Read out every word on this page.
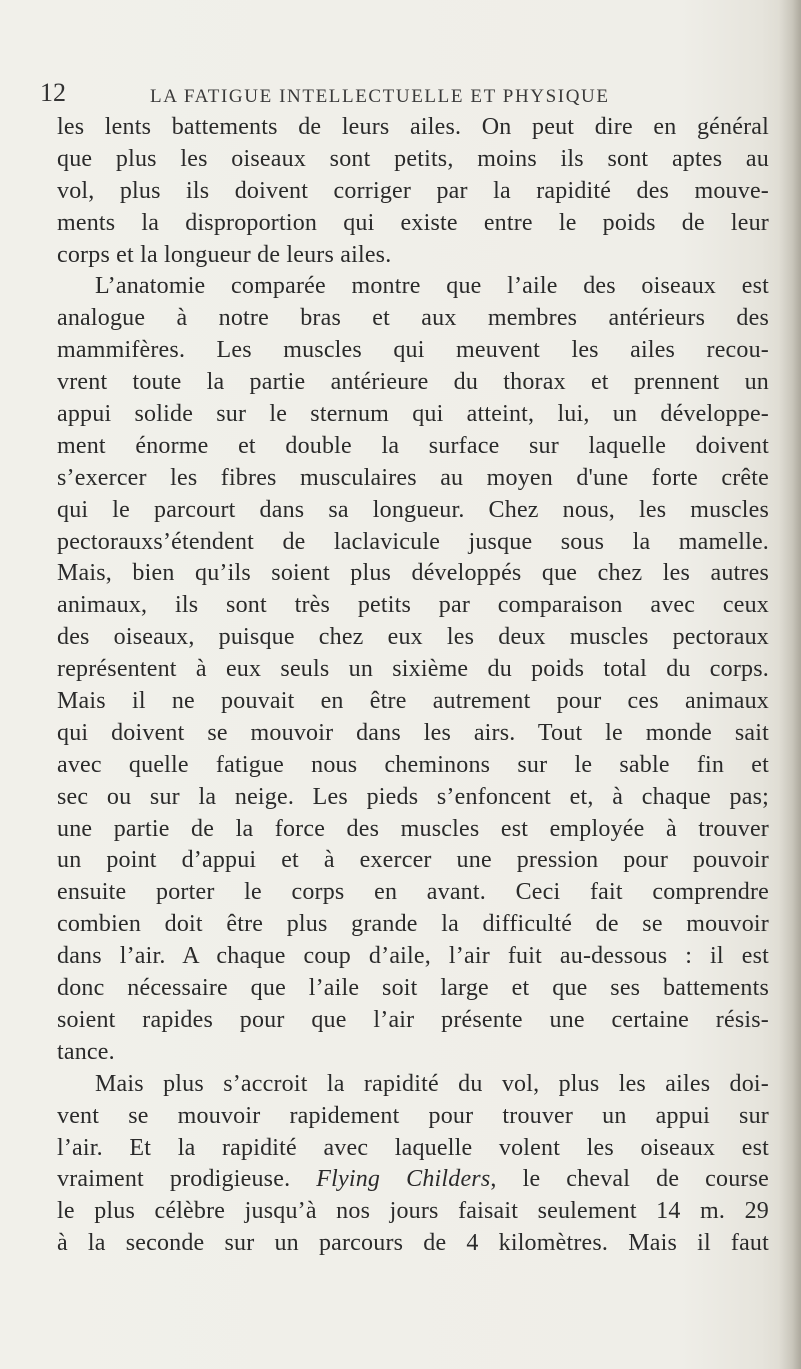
12	LA FATIGUE INTELLECTUELLE ET PHYSIQUE
les lents battements de leurs ailes. On peut dire en général
que plus les oiseaux sont petits, moins ils sont aptes au
vol, plus ils doivent corriger par la rapidité des mouve-
ments la disproportion qui existe entre le poids de leur
corps et la longueur de leurs ailes.
L’anatomie comparée montre que l’aile des oiseaux est
analogue à notre bras et aux membres antérieurs des
mammifères. Les muscles qui meuvent les ailes recou-
vrent toute la partie antérieure du thorax et prennent un
appui solide sur le sternum qui atteint, lui, un développe-
ment énorme et double la surface sur laquelle doivent
s’exercer les fibres musculaires au moyen d'une forte crête
qui le parcourt dans sa longueur. Chez nous, les muscles
pectorauxs’étendent de laclavicule jusque sous la mamelle.
Mais, bien qu’ils soient plus développés que chez les autres
animaux, ils sont très petits par comparaison avec ceux
des oiseaux, puisque chez eux les deux muscles pectoraux
représentent à eux seuls un sixième du poids total du corps.
Mais il ne pouvait en être autrement pour ces animaux
qui doivent se mouvoir dans les airs. Tout le monde sait
avec quelle fatigue nous cheminons sur le sable fin et
sec ou sur la neige. Les pieds s’enfoncent et, à chaque pas;
une partie de la force des muscles est employée à trouver
un point d’appui et à exercer une pression pour pouvoir
ensuite porter le corps en avant. Ceci fait comprendre
combien doit être plus grande la difficulté de se mouvoir
dans l’air. A chaque coup d’aile, l’air fuit au-dessous : il est
donc nécessaire que l’aile soit large et que ses battements
soient rapides pour que l’air présente une certaine résis-
tance.
Mais plus s’accroit la rapidité du vol, plus les ailes doi-
vent se mouvoir rapidement pour trouver un appui sur
l’air. Et la rapidité avec laquelle volent les oiseaux est
vraiment prodigieuse. Flying Childers, le cheval de course
le plus célèbre jusqu’à nos jours faisait seulement 14 m. 29
à la seconde sur un parcours de 4 kilomètres. Mais il faut
